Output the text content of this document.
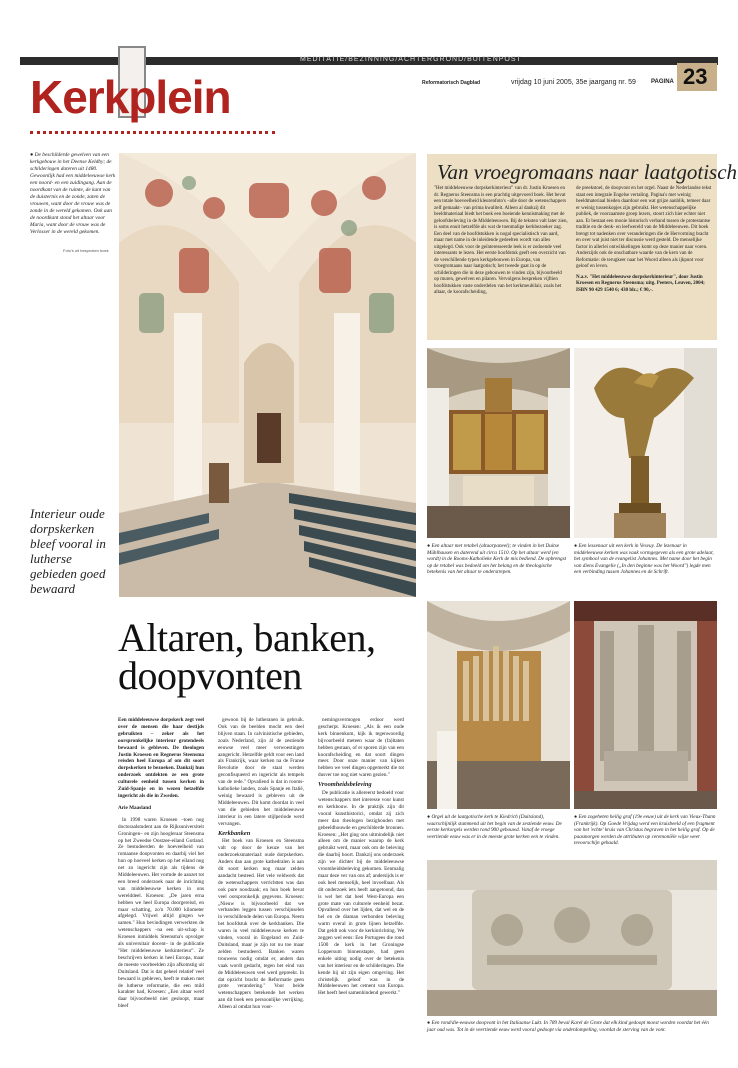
MEDITATIE/BEZINNING/ACHTERGROND/BUITENPOST
Kerkplein	Reformatorisch Dagblad	vrijdag 10 juni 2005, 35e jaargang nr. 59	PAGINA 23
● De beschilderde gewelven van een kerkgebouw in het Deense Keldby; de schilderingen dateren uit 1480. Gewoonlijk had een middeleeuwse kerk een noord- en een zuidingang. Aan de noordkant van de ruimte, de kant van de duisternis en de zonde, zaten de vrouwen, want door de vrouw was de zonde in de wereld gekomen. Ook aan de noordkant stond het altaar voor Maria, want door de vrouw was de Verlosser in de wereld gekomen.
Foto's uit besproken boek
Interieur oude dorpskerken bleef vooral in lutherse gebieden goed bewaard
Altaren, banken, doopvonten
Van vroegromaans naar laatgotisch
"Het middeleeuwse dorpskerkinterieur" van dr. Justin Kroesen en dr. Regnerus Steensma is een prachtig uitgevoerd boek. Het bevat een totale hoeveelheid kleurenfoto's –alle door de wetenschappers zelf gemaakt– van prima kwaliteit. Alleen al dankzij dit beeldmateriaal biedt het boek een boeiende kennismaking met de geloofsbeleving in de Middeleeuwen. Bij de teksten valt later zien, is soms enuit hetzelfde als wat de toenmalige kerkbezoeker zag. Een deel van de hoofdstukken is nogal specialistisch van aard, maar met name in de inleidende gedeelten wordt van alles uitgelegd. Ook voor de geïnteresseerde leek is er zodoende veel interessants te lezen. Het eerste hoofdstuk geeft een overzicht van de verschillende typen kerkgebouwen in Europa, van vroegromaans naar laatgotisch; het tweede gaat in op de schilderingen die in deze gebouwen te vinden zijn, bijvoorbeeld op muren, gewelven en pilaren. Vervolgens bespreken vijftien hoofdstukken vaste onderdelen van het kerkmeubilair, zoals het altaar, de koorafscheiding,
de preekstoel, de doopvont en het orgel. Naast de Nederlandse tekst staat een integrale Engelse vertaling. Pagina's met weinig beeldmateriaal bieden daardoor een wat grijze aanblik, temeer daar er weinig tussenkopjes zijn gebruikt. Het wetenschappelijke publiek, de voorzaamste groep lezers, stoort zich hier echter niet aan. Er bestaat een mooie historisch verband tussen de protestantse traditie en de denk- en leefwereld van de Middeleeuwen. Dit boek brengt tot nadenken over veranderingen die de Hervorming bracht en over wat juist niet ter discussie werd gesteld. De menselijke factor in allerlei ontwikkelingen komt op deze manier naar voren. Anderzijds ook de onschatbare waarde van de kern van de Reformatie: de terugkeer naar het Woord alleen als ijkpunt voor geloof en leven.
N.a.v. "Het middeleeuwse dorpskerkinterieur", door Justin Kroesen en Regnerus Steensma; uitg. Peeters, Leuven, 2004; ISBN 90 429 1540 6; 430 blz.; € 90,-.
● Een altaar met retabel (altaarpaneel); te vinden in het Duitse Mühlhausen en daterend uit circa 1510. Op het altaar werd (en wordt) in de Rooms-Katholieke Kerk de mis bediend. De opbrengst op de retabel was bedoeld om het belang en de theologische betekenis van het altaar te onderstrepen.
● Een lessenaar uit een kerk in Vesvuy. De lezenaar in middeleeuwse kerken was vaak vormgegeven als een grote adelaar, het symbool van de evangelist Johannes. Met name door het begin van diens Evangelie („In den beginne was het Woord") legde men een verbinding tussen Johannes en de Schrift.
● Orgel uit de laatgotische kerk te Kiedrich (Duitsland), waarschijnlijk stammend uit het begin van de zestiende eeuw. De eerste kerkorgels werden rond 900 gebouwd. Vanaf de vroege veertiende eeuw was er in de meeste grote kerken een te vinden.
● Een zogeheten heilig graf (19e eeuw) uit de kerk van Vieux-Thann (Frankrijk). Op Goede Vrijdag werd een kruisbeeld of een fragment van het 'echte' kruis van Christus begraven in het heilig graf. Op de paasmorgen werden de attributen op ceremoniële wijze weer tevoorschijn gehaald.
● Een rond/die-eeuwse doopvont in het Italiaanse Lukt. In 789 beval Karel de Grote dat elk kind gedoopt moest worden voordat het één jaar oud was. Tot in de veertiende eeuw werd vooral gedoopt via onderdompeling, voordat de sterving van de vont.
Een middeleeuwse dorpskerk zegt veel over de mensen die haar destijds gebruikten – zeker als het oorspronkelijke interieur grotendeels bewaard is gebleven. De theologen Justin Kroesen en Regnerus Steensma reisden heel Europa af om dit soort dorpskerken te bezoeken. Dankzij hun onderzoek ontdekten ze een grote culturele eenheid tussen kerken in Zuid-Spanje en in wezen hetzelfde ingericht als die in Zweden.
Arie Maasland

In 1998 waren Kroesen –toen nog doctoraalstudent aan de Rijksuniversiteit Groningen– en zijn hoogleraar Steensma op het Zweedse Oostzee-eiland Gotland. Ze bestudeerden de hoeveelheid van romaanse doopvonten en daarbij viel het hun op hoeveel kerken op het eiland nog net zo ingericht zijn als tijdens de Middeleeuwen. Het vormde de aanzet tot een breed onderzoek naar de inrichting van middeleeuwse kerken in ons werelddeel. Kroesen: „De jaren erna hebben we heel Europa doorgereisd, en maar schatting, zo'n 70.000 kilometer afgelegd. Vrijwel altijd gingen we samen." Hun bevindingen verwerkten de wetenschappers –na een uit-schap is Kroesen inmiddels Steensma's opvolger als universitair docent– in de publicatie "Het middeleeuwse kerkinterieur". Ze beschrijven kerken in heel Europa, maar de meeste voorbeelden zijn afkomstig uit Duitsland. Dat is dat geheel relatief veel bewaard is gebleven, heeft te maken met de lutherse reformatie, die een mild karakter had, Kroesen: „Een altaar werd daar bijvoorbeeld niet gesloopt, maar bleef

gewoon bij de lutheranen in gebruik. Ook van de beelden mocht een deel blijven staan. In calvinistische gebieden, zoals Nederland, zijn ál de zestiende eeuwse veel meer verwoestingen aangericht. Hetzelfde geldt voor een land als Frankrijk, waar kerken na de Franse Revolutie door de staat werden geconfisqueerd en ingericht als tempels van de rede." Opvallend is dat in rooms-katholieke landen, zoals Spanje en Italië, weinig bewaard is gebleven uit de Middeleeuwen. Dit komt doordat in veel van die gebieden het middeleeuwse interieur in een latere stijlperiode werd vervangen.

Kerkbanken

Het boek van Kroesen en Steensma valt op door de keuze van het onderzoeksmateriaal: oude dorpskerken. Anders dan aan grote kathedralen is aan dit soort kerken nog maar zelden aandacht besteed. Het vele veldwerk dat de wetenschappers verrichtten was dan ook pure noodzaak; en hun boek bevat veel oorspronkelijk gegevens. Kroesen: „Nieuw is bijvoorbeeld dat we verbanden leggen tussen verschijnselen in verschillende delen van Europa. Neem het hoofdstuk over de kerkbanken. Die waren in veel middeleeuwse kerken te vinden, vooral in Engeland en Zuid-Duitsland, maar je zijn tot nu toe maar zelden bestudeerd. Banken waren trouwens nodig omdat er, anders dan vaak wordt gedacht, tegen het eind van de Middeleeuwen veel werd gepreekt. In dat opzicht bracht de Reformatie geen grote verandering." Voor beide wetenschappers betekende het werken aan dit boek een persoonlijke verrijking. Alleen al omdat hun voor-

nemingsvermogen erdoor werd gescherpt. Kroesen: „Als ik een oude kerk binnenkom, kijk ik tegenwoordig bijvoorbeeld meteen waar de (fa)ltaten hebben gestaan, of er sporen zijn van een koorafscheiding en dat soort dingen meer. Door onze manier van kijken hebben we veel dingen opgemerkt die tot dusver toe nog niet waren gezien."

Vroomheidsbeleving

De publicatie is allereerst bedoeld voor wetenschappers met interesse voor kunst en kerkbouw. In de praktijk zijn dit vooral kunsthistorici, omdat zij zich meer dan theologen bezighouden met gebeeldhouwde en geschilderde bronnen. Kroesen: „Het ging ons uitmindelijk niet alleen om de manier waarop de kerk gebruikt werd, maar ook om de beleving die daarbij hoort. Dankzij ons onderzoek zijn we dichter bij de middeleeuwse vroomheidsbeleving gekomen. Eenmalig maar deze ver van ons af; andersijds is er ook heel menselijk, heel invoelbaar. Als dit onderzoek iets heeft aangetoond, dan is wel het dat heel West-Europa een grote mate van culturele eenheid bezat. Opvallend over het lijden, dat wel en de hel en de diaman verbonden beleving warm overal in grote lijnen hetzelfde. Dat geldt ook voor de kerkinrichting. We zeggen wel eens: Een Portugees die rond 1500 de kerk in het Groningse Loppersum binnenstapte, had geen enkele uiting nodig over de betekenis van het interieur en de schilderingen. Die kende hij uit zijn eigen omgeving. Het christelijk geloof was in de Middeleeuwen het cement van Europa. Het heeft heel samenbindend gewerkt."
